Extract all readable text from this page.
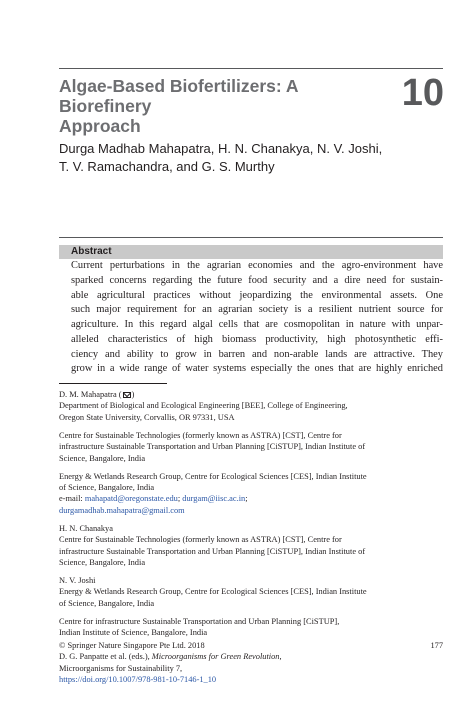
Algae-Based Biofertilizers: A Biorefinery
Approach
10
Durga Madhab Mahapatra, H. N. Chanakya, N. V. Joshi,
T. V. Ramachandra, and G. S. Murthy
Abstract
Current perturbations in the agrarian economies and the agro-environment have
sparked concerns regarding the future food security and a dire need for sustain-
able agricultural practices without jeopardizing the environmental assets. One
such major requirement for an agrarian society is a resilient nutrient source for
agriculture. In this regard algal cells that are cosmopolitan in nature with unpar-
alleled characteristics of high biomass productivity, high photosynthetic effi-
ciency and ability to grow in barren and non-arable lands are attractive. They
grow in a wide range of water systems especially the ones that are highly enriched
D. M. Mahapatra ( )
Department of Biological and Ecological Engineering [BEE], College of Engineering,
Oregon State University, Corvallis, OR 97331, USA
Centre for Sustainable Technologies (formerly known as ASTRA) [CST], Centre for
infrastructure Sustainable Transportation and Urban Planning [CiSTUP], Indian Institute of
Science, Bangalore, India
Energy & Wetlands Research Group, Centre for Ecological Sciences [CES], Indian Institute
of Science, Bangalore, India
e-mail: mahapatd@oregonstate.edu; durgam@iisc.ac.in;
durgamadhab.mahapatra@gmail.com
H. N. Chanakya
Centre for Sustainable Technologies (formerly known as ASTRA) [CST], Centre for
infrastructure Sustainable Transportation and Urban Planning [CiSTUP], Indian Institute of
Science, Bangalore, India
N. V. Joshi
Energy & Wetlands Research Group, Centre for Ecological Sciences [CES], Indian Institute
of Science, Bangalore, India
Centre for infrastructure Sustainable Transportation and Urban Planning [CiSTUP],
Indian Institute of Science, Bangalore, India
© Springer Nature Singapore Pte Ltd. 2018
D. G. Panpatte et al. (eds.), Microorganisms for Green Revolution,
Microorganisms for Sustainability 7,
https://doi.org/10.1007/978-981-10-7146-1_10
177
